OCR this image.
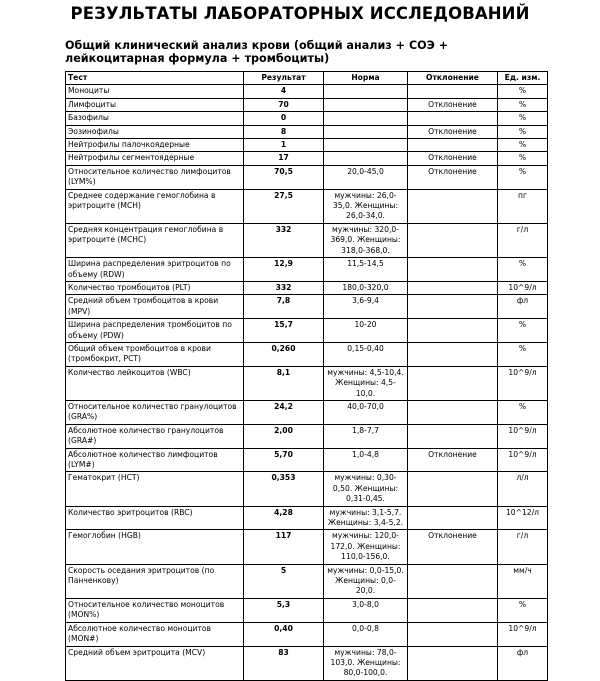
РЕЗУЛЬТАТЫ ЛАБОРАТОРНЫХ ИССЛЕДОВАНИЙ
Общий клинический анализ крови (общий анализ + СОЭ +
лейкоцитарная формула + тромбоциты)
Тест	Результат	Норма	Отклонение	Ед. изм.
Моноциты	4			%
Лимфоциты	70		Отклонение	%
Базофилы	0			%
Эозинофилы	8		Отклонение	%
Нейтрофилы палочкоядерные	1			%
Нейтрофилы сегментоядерные	17		Отклонение	%
Относительное количество лимфоцитов (LYM%)	70,5	20,0-45,0	Отклонение	%
Среднее содержание гемоглобина в эритроците (MCH)	27,5	мужчины: 26,0-35,0. Женщины: 26,0-34,0.		пг
Средняя концентрация гемоглобина в эритроците (MCHC)	332	мужчины: 320,0-369,0. Женщины: 318,0-368,0.		г/л
Ширина распределения эритроцитов по объему (RDW)	12,9	11,5-14,5		%
Количество тромбоцитов (PLT)	332	180,0-320,0		10^9/л
Средний объем тромбоцитов в крови (MPV)	7,8	3,6-9,4		фл
Ширина распределения тромбоцитов по объему (PDW)	15,7	10-20		%
Общий объем тромбоцитов в крови (тромбокрит, PCT)	0,260	0,15-0,40		%
Количество лейкоцитов (WBC)	8,1	мужчины: 4,5-10,4. Женщины: 4,5-10,0.		10^9/л
Относительное количество гранулоцитов (GRA%)	24,2	40,0-70,0		%
Абсолютное количество гранулоцитов (GRA#)	2,00	1,8-7,7		10^9/л
Абсолютное количество лимфоцитов (LYM#)	5,70	1,0-4,8	Отклонение	10^9/л
Гематокрит (HCT)	0,353	мужчины: 0,30-0,50. Женщины: 0,31-0,45.		л/л
Количество эритроцитов (RBC)	4,28	мужчины: 3,1-5,7. Женщины: 3,4-5,2.		10^12/л
Гемоглобин (HGB)	117	мужчины: 120,0-172,0. Женщины: 110,0-156,0.	Отклонение	г/л
Скорость оседания эритроцитов (по Панченкову)	5	мужчины: 0,0-15,0. Женщины: 0,0-20,0.		мм/ч
Относительное количество моноцитов (MON%)	5,3	3,0-8,0		%
Абсолютное количество моноцитов (MON#)	0,40	0,0-0,8		10^9/л
Средний объем эритроцита (MCV)	83	мужчины: 78,0-103,0. Женщины: 80,0-100,0.		фл
